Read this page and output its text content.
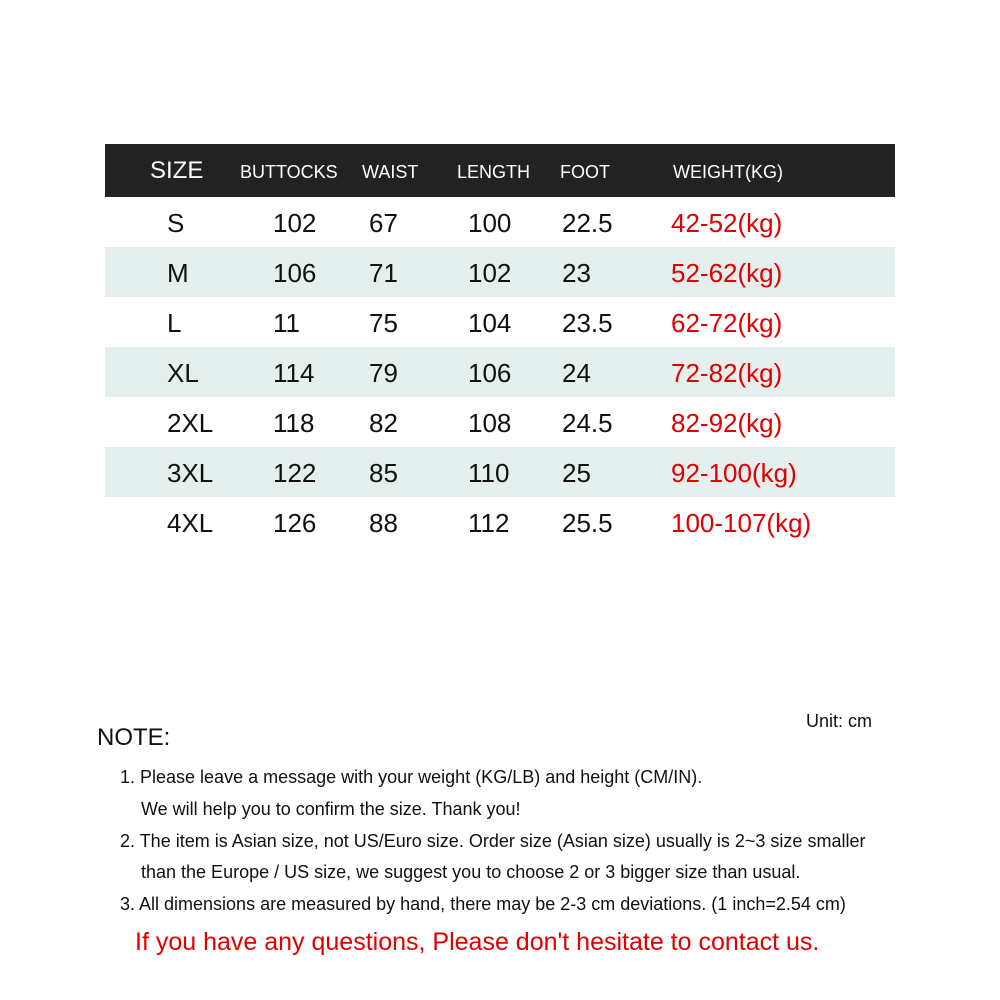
SIZE BUTTOCKS WAIST LENGTH FOOT	WEIGHT(KG)
S	102 67	100 22.5 42-52(kg)
M	106 71	102 23	52-62(kg)
L	11	75	104 23.5 62-72(kg)
XL	114 79	106 24	72-82(kg)
2XL 118 82	108 24.5 82-92(kg)
3XL 122 85	110 25	92-100(kg)
4XL 126 88	112 25.5 100-107(kg)
Unit: cm
NOTE:
1. Please leave a message with your weight (KG/LB) and height (CM/IN).
We will help you to confirm the size. Thank you!
2. The item is Asian size, not US/Euro size. Order size (Asian size) usually is 2~3 size smaller
than the Europe / US size, we suggest you to choose 2 or 3 bigger size than usual.
3. All dimensions are measured by hand, there may be 2-3 cm deviations. (1 inch=2.54 cm)
If you have any questions, Please don't hesitate to contact us.
